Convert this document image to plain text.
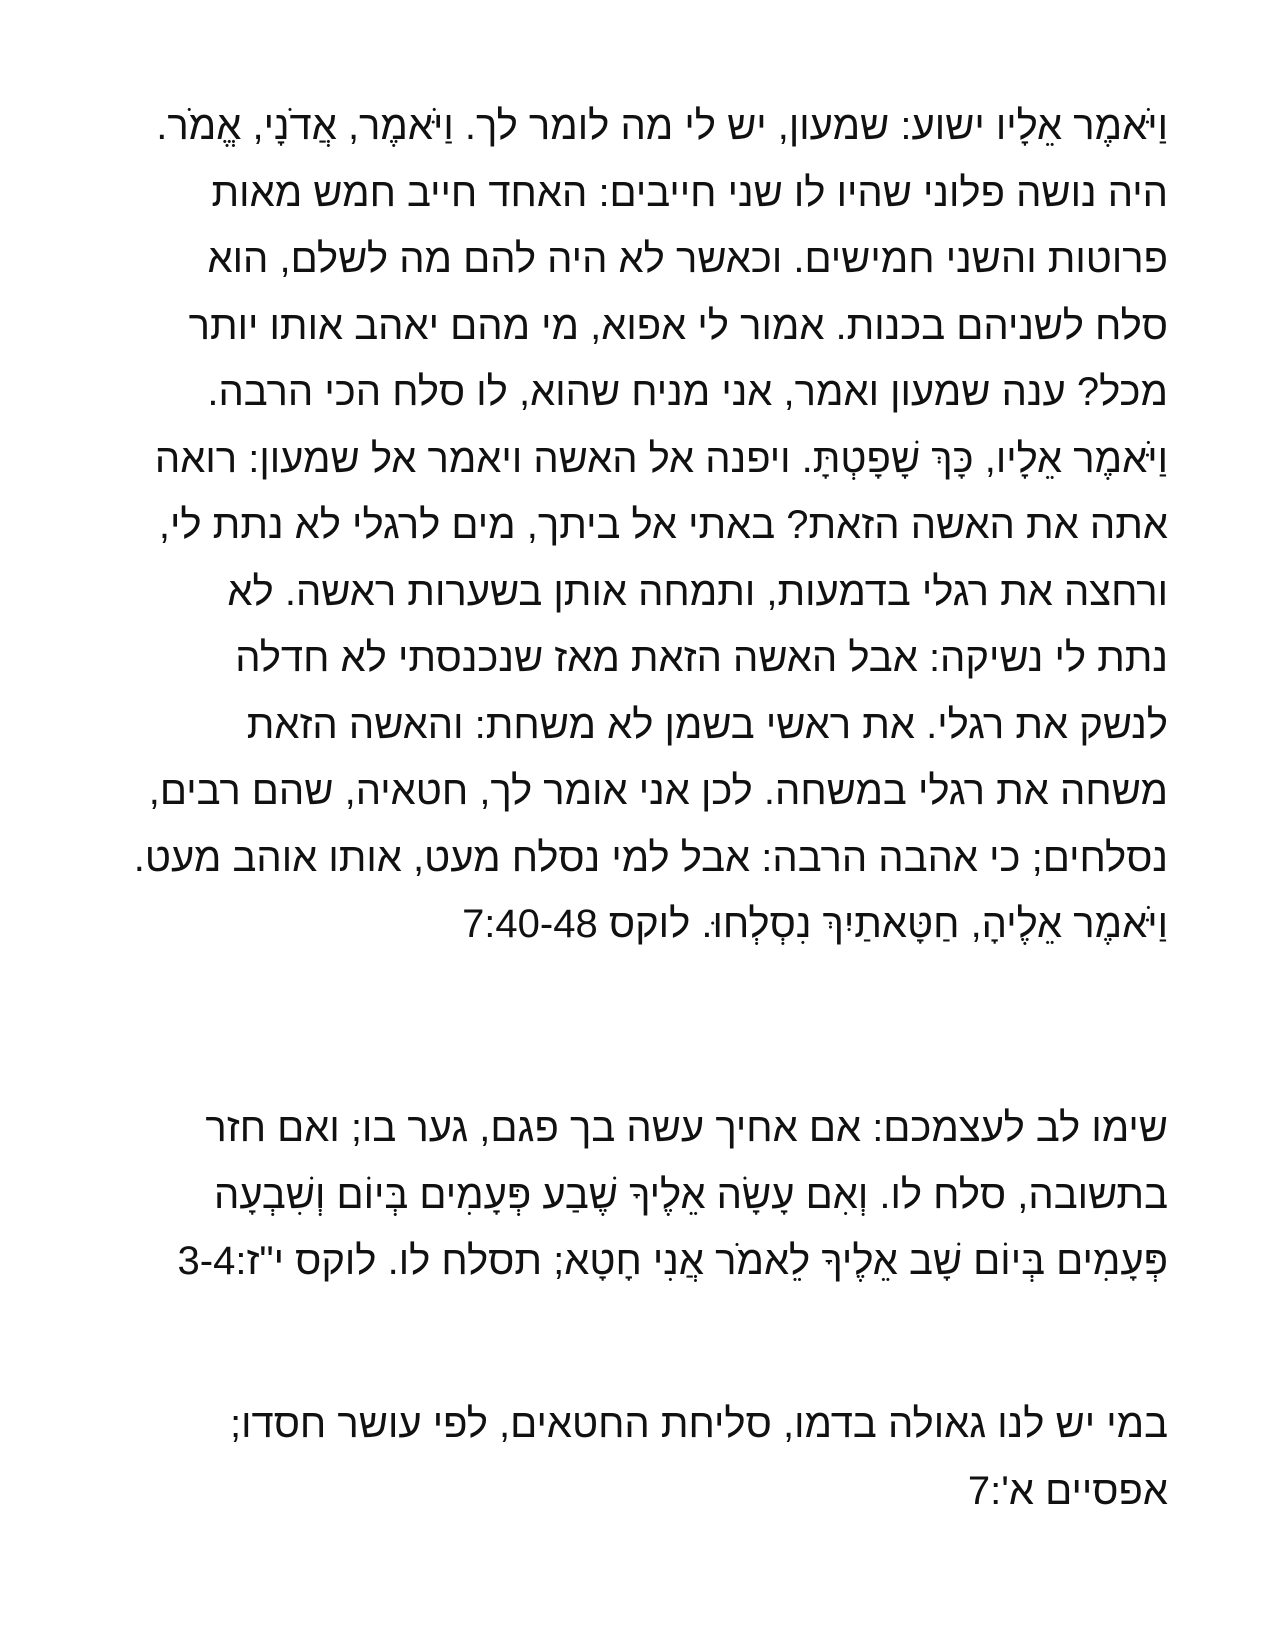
וַיֹּאמֶר אֵלָיו ישוע: שמעון, יש לי מה לומר לך. וַיֹּאמֶר, אֲדֹנָי, אֱמֹר.
היה נושה פלוני שהיו לו שני חייבים: האחד חייב חמש מאות
פרוטות והשני חמישים. וכאשר לא היה להם מה לשלם, הוא
סלח לשניהם בכנות. אמור לי אפוא, מי מהם יאהב אותו יותר
מכל? ענה שמעון ואמר, אני מניח שהוא, לו סלח הכי הרבה.
וַיֹּאמֶר אֵלָיו, כָּךְ שָׁפָטְתָּ. ויפנה אל האשה ויאמר אל שמעון: רואה
אתה את האשה הזאת? באתי אל ביתך, מים לרגלי לא נתת לי,
ורחצה את רגלי בדמעות, ותמחה אותן בשערות ראשה. לא
נתת לי נשיקה: אבל האשה הזאת מאז שנכנסתי לא חדלה
לנשק את רגלי. את ראשי בשמן לא משחת: והאשה הזאת
משחה את רגלי במשחה. לכן אני אומר לך, חטאיה, שהם רבים,
נסלחים; כי אהבה הרבה: אבל למי נסלח מעט, אותו אוהב מעט.
וַיֹּאמֶר אֵלֶיהָ, חַטָּאתַיִךְ נִסְלְחוּ. לוקס 7:40-48
שימו לב לעצמכם: אם אחיך עשה בך פגם, גער בו; ואם חזר
בתשובה, סלח לו. וְאִם עָשָׂה אֵלֶיךָ שֶׁבַע פְּעָמִים בְּיוֹם וְשִׁבְעָה
פְּעָמִים בְּיוֹם שָׁב אֵלֶיךָ לֵאמֹר אֲנִי חָטָא; תסלח לו. לוקס י"ז:3-4
במי יש לנו גאולה בדמו, סליחת החטאים, לפי עושר חסדו;
אפסיים א':7
